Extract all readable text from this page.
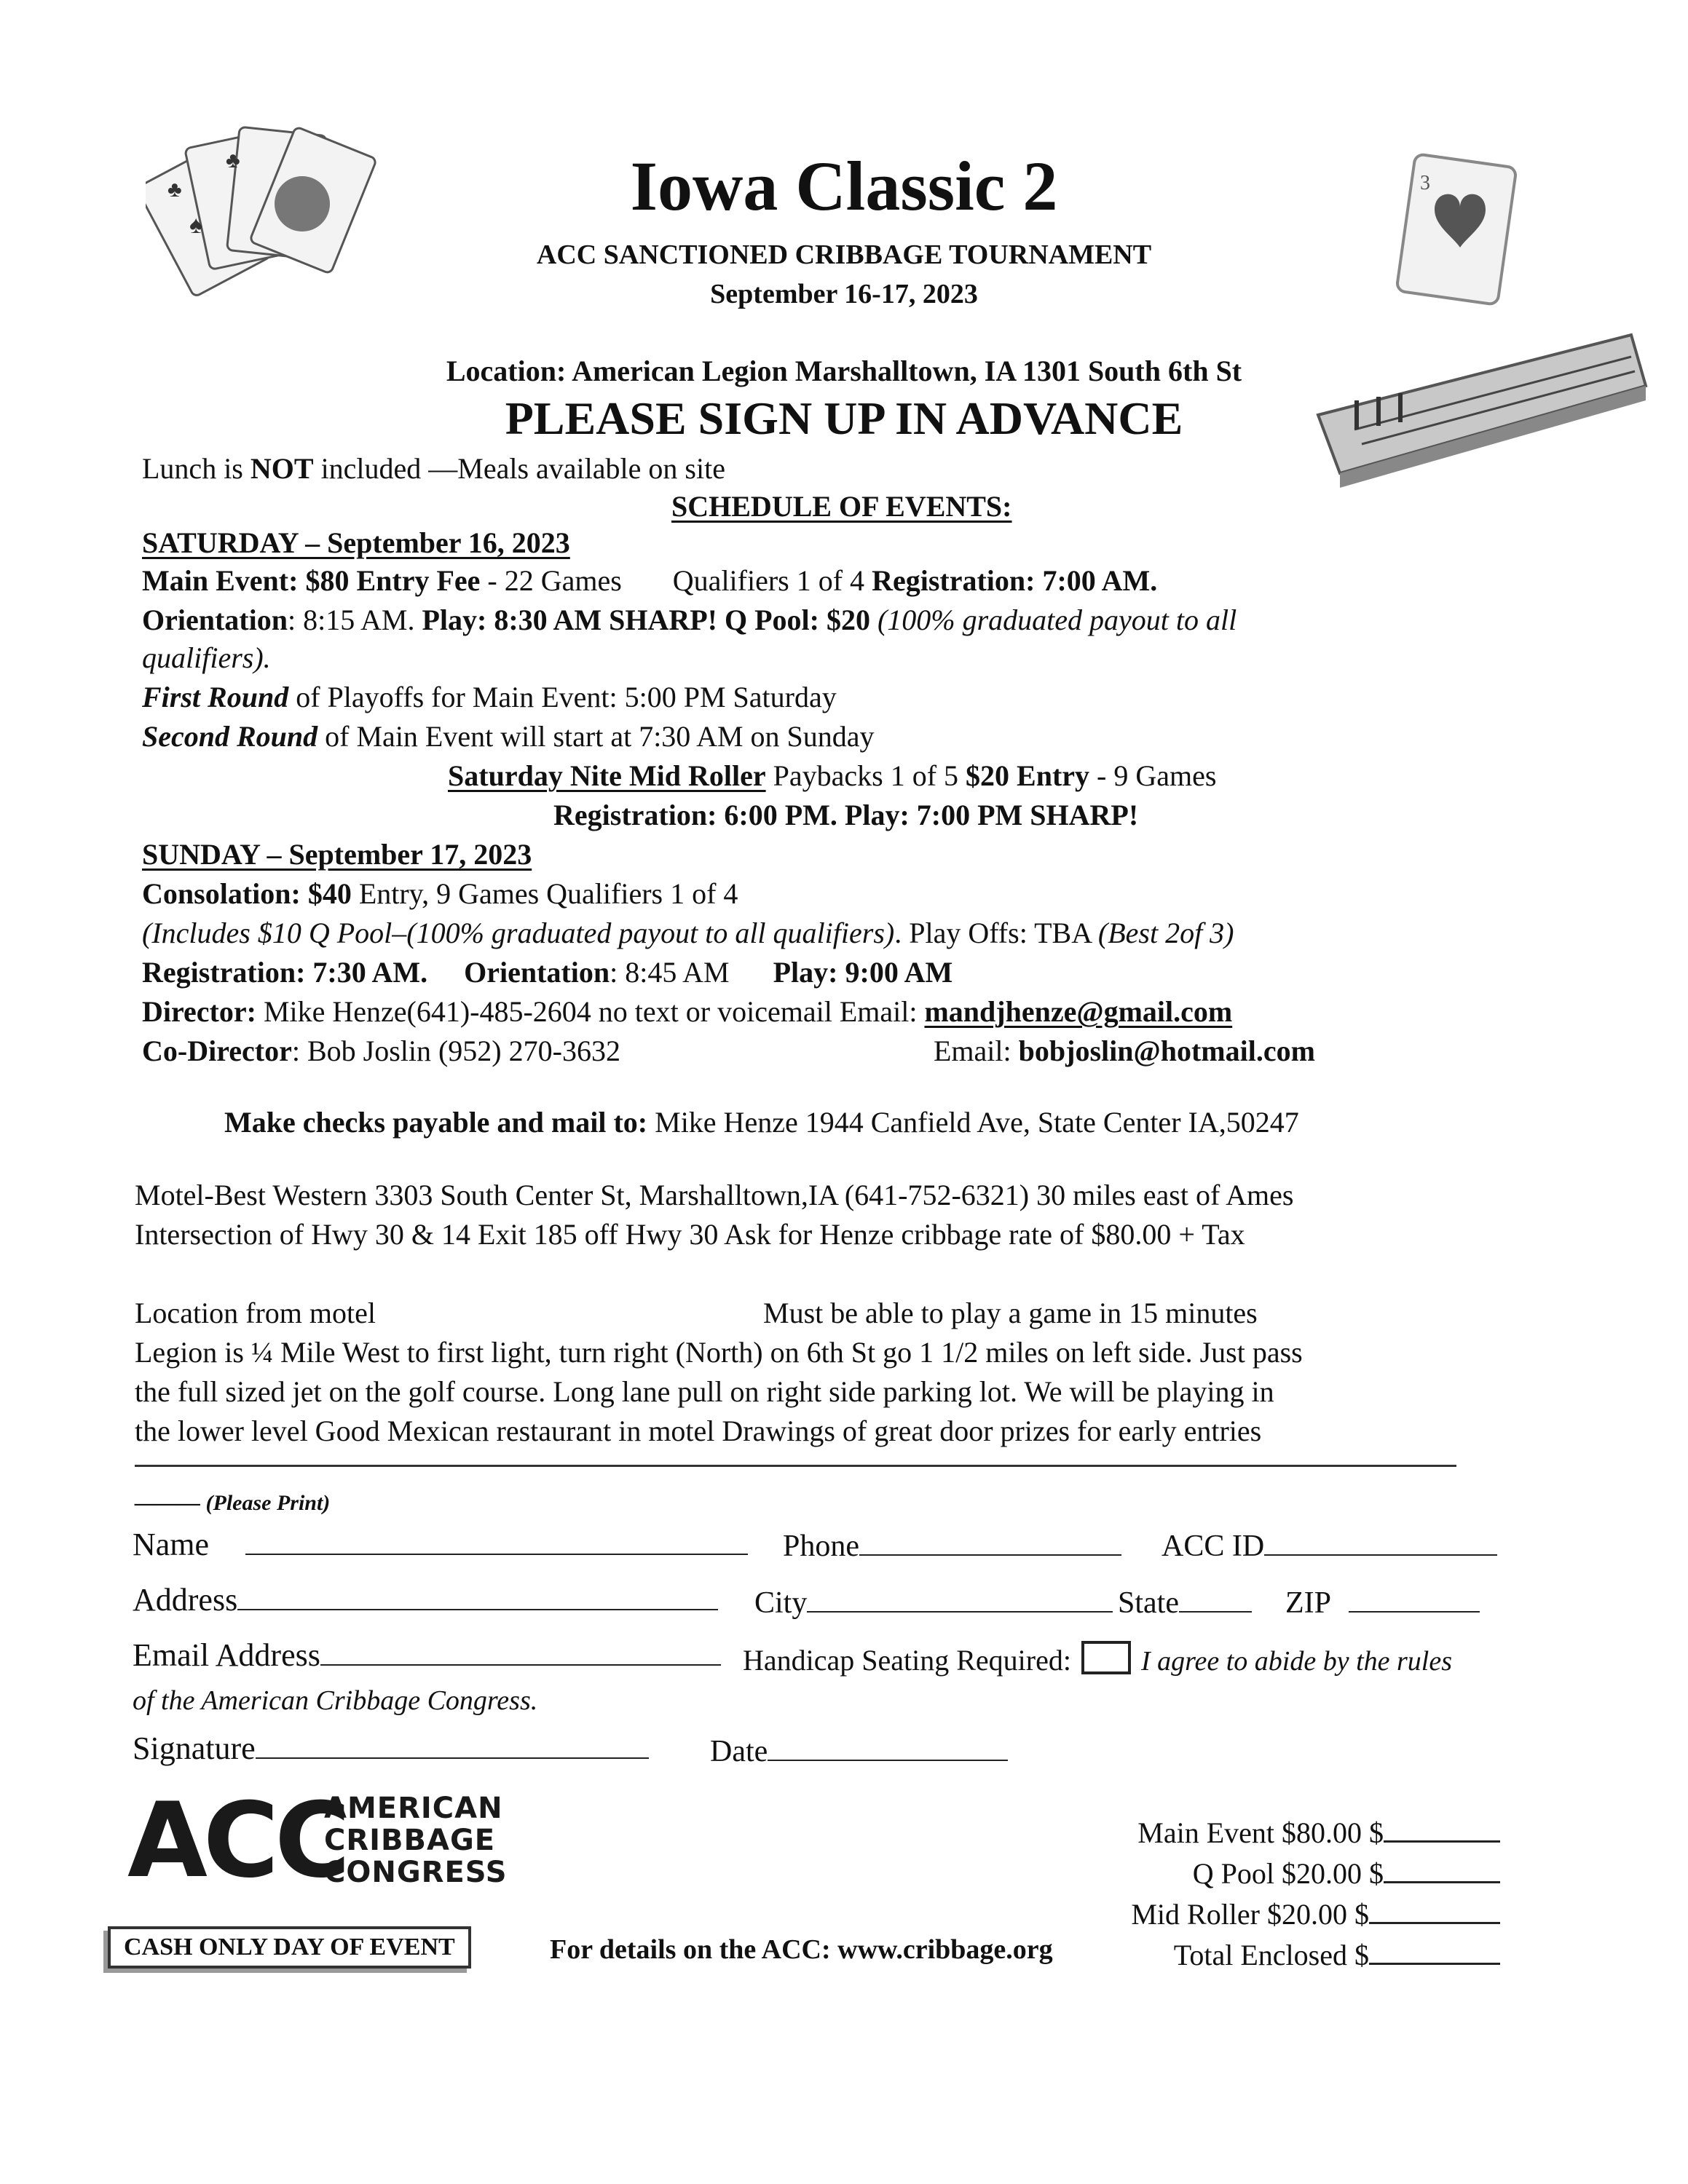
♣
♣
♠
3
Iowa Classic 2
ACC SANCTIONED CRIBBAGE TOURNAMENT
September 16-17, 2023
Location: American Legion Marshalltown, IA 1301 South 6th St
PLEASE SIGN UP IN ADVANCE
Lunch is NOT included —Meals available on site
SCHEDULE OF EVENTS:
SATURDAY – September 16, 2023
Main Event: $80 Entry Fee - 22 Games Qualifiers 1 of 4 Registration: 7:00 AM.
Orientation: 8:15 AM. Play: 8:30 AM SHARP! Q Pool: $20 (100% graduated payout to all
qualifiers).
First Round of Playoffs for Main Event: 5:00 PM Saturday
Second Round of Main Event will start at 7:30 AM on Sunday
Saturday Nite Mid Roller Paybacks 1 of 5 $20 Entry - 9 Games
Registration: 6:00 PM. Play: 7:00 PM SHARP!
SUNDAY – September 17, 2023
Consolation: $40 Entry, 9 Games Qualifiers 1 of 4
(Includes $10 Q Pool–(100% graduated payout to all qualifiers). Play Offs: TBA (Best 2of 3)
Registration: 7:30 AM. Orientation: 8:45 AM Play: 9:00 AM
Director: Mike Henze(641)-485-2604 no text or voicemail Email: mandjhenze@gmail.com
Co-Director: Bob Joslin (952) 270-3632	Email: bobjoslin@hotmail.com
Make checks payable and mail to: Mike Henze 1944 Canfield Ave, State Center IA,50247
Motel-Best Western 3303 South Center St, Marshalltown,IA (641-752-6321) 30 miles east of Ames
Intersection of Hwy 30 & 14 Exit 185 off Hwy 30 Ask for Henze cribbage rate of $80.00 + Tax
Location from motel	Must be able to play a game in 15 minutes
Legion is ¼ Mile West to first light, turn right (North) on 6th St go 1 1/2 miles on left side. Just pass
the full sized jet on the golf course. Long lane pull on right side parking lot. We will be playing in
the lower level Good Mexican restaurant in motel Drawings of great door prizes for early entries
——— (Please Print)
Name	Phone	ACC ID
Address	City	State	ZIP
Email Address	Handicap Seating Required:	I agree to abide by the rules
of the American Cribbage Congress.
Signature	Date
ACC
AMERICAN
CRIBBAGE
CONGRESS
Main Event $80.00 $
Q Pool $20.00 $
Mid Roller $20.00 $
Total Enclosed $
CASH ONLY DAY OF EVENT	For details on the ACC: www.cribbage.org
